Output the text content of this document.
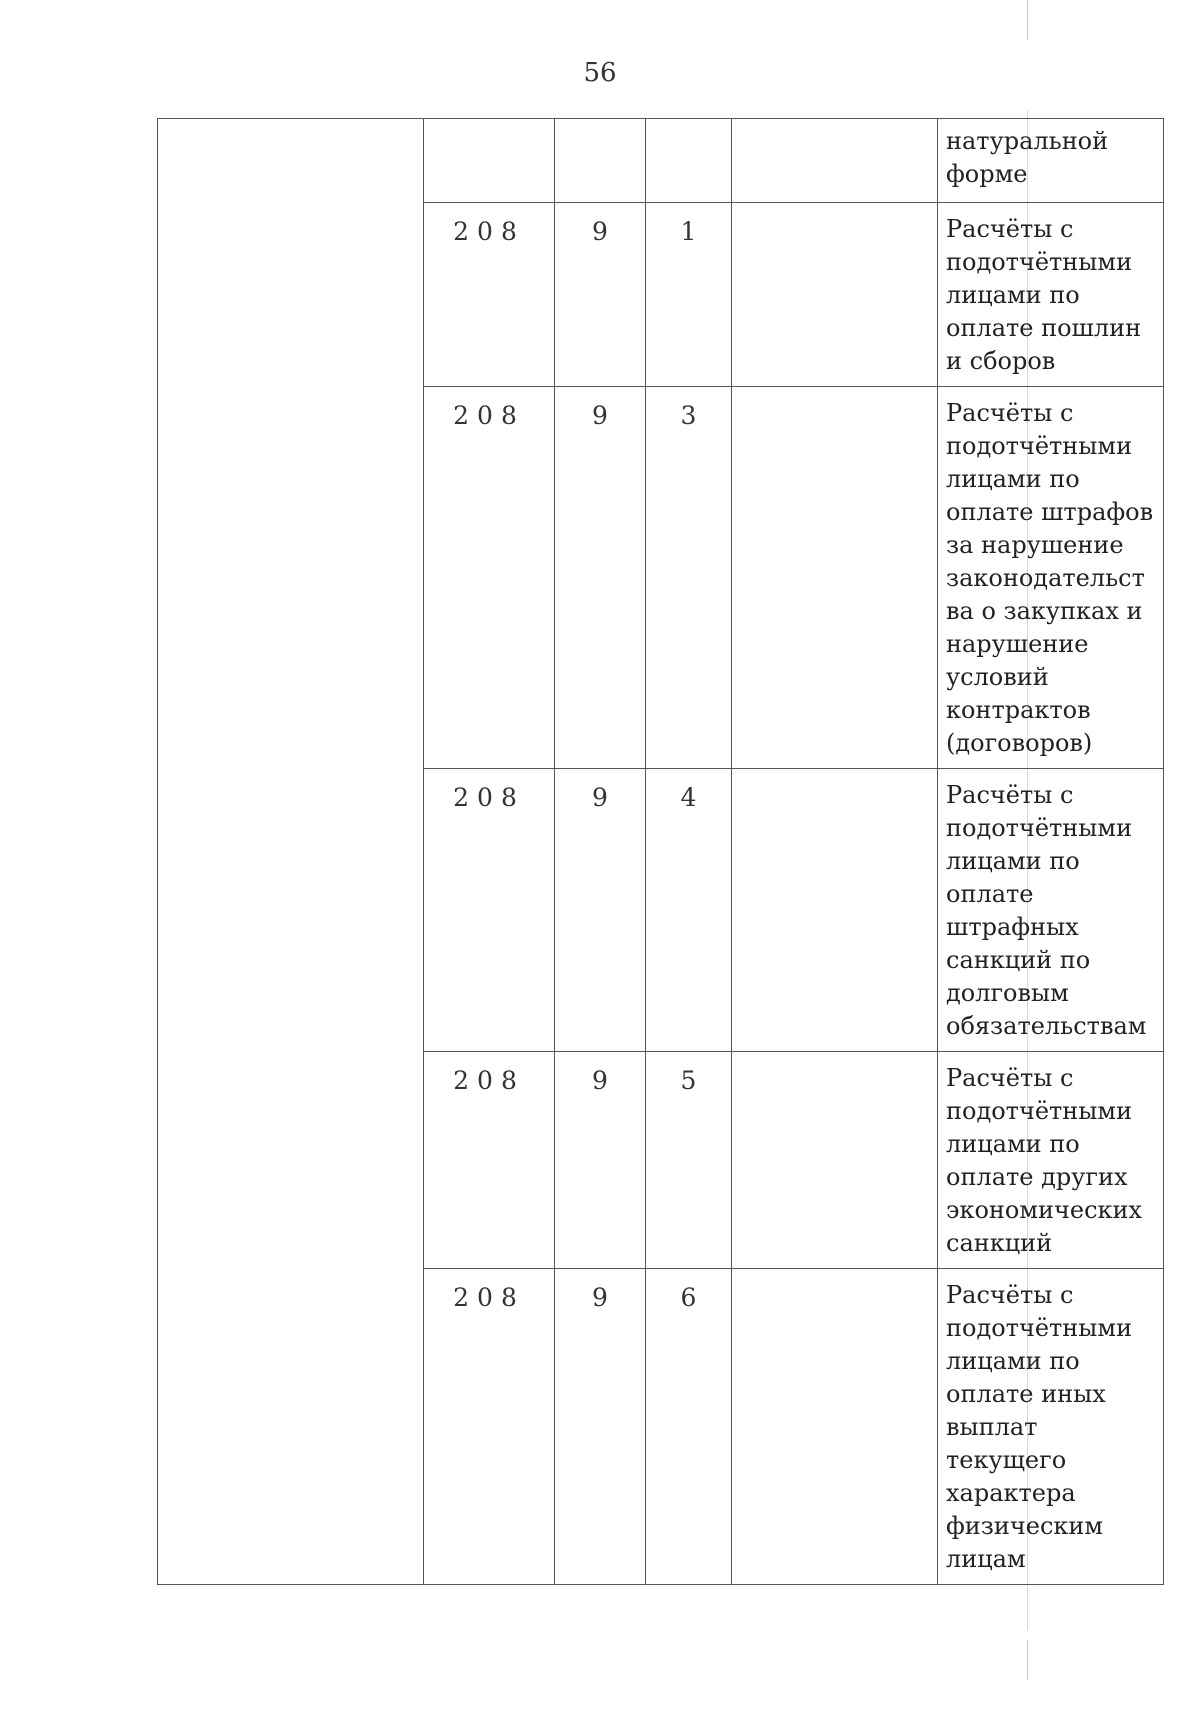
56

					натуральной форме

	208	9	1		Расчёты с подотчётными лицами по оплате пошлин и сборов

	208	9	3		Расчёты с подотчётными лицами по оплате штрафов за нарушение законодательства о закупках и нарушение условий контрактов (договоров)

	208	9	4		Расчёты с подотчётными лицами по оплате штрафных санкций по долговым обязательствам

	208	9	5		Расчёты с подотчётными лицами по оплате других экономических санкций

	208	9	6		Расчёты с подотчётными лицами по оплате иных выплат текущего характера физическим лицам
